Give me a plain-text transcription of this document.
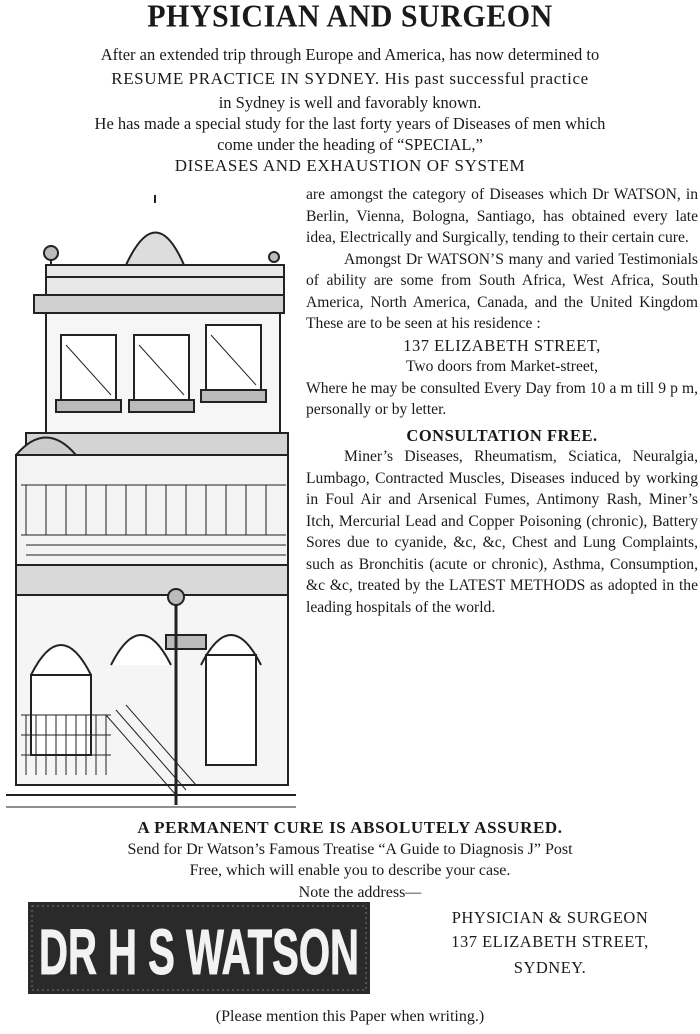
PHYSICIAN AND SURGEON
After an extended trip through Europe and America, has now determined to
RESUME PRACTICE IN SYDNEY. His past successful practice
in Sydney is well and favorably known.
He has made a special study for the last forty years of Diseases of men which
come under the heading of “SPECIAL,”
DISEASES AND EXHAUSTION OF SYSTEM

are amongst the category of Diseases which Dr WATSON, in Berlin, Vienna, Bologna, Santiago, has obtained every late idea, Electrically and Surgically, tending to their certain cure.

Amongst Dr WATSON’S many and varied Testimonials of ability are some from South Africa, West Africa, South America, North America, Canada, and the United Kingdom These are to be seen at his residence :

137 ELIZABETH STREET,

Two doors from Market-street,

Where he may be consulted Every Day from 10 a m till 9 p m, personally or by letter.

CONSULTATION FREE.

Miner’s Diseases, Rheumatism, Sciatica, Neuralgia, Lumbago, Contracted Muscles, Diseases induced by working in Foul Air and Arsenical Fumes, Antimony Rash, Miner’s Itch, Mercurial Lead and Copper Poisoning (chronic), Battery Sores due to cyanide, &c, &c, Chest and Lung Complaints, such as Bronchitis (acute or chronic), Asthma, Consumption, &c &c, treated by the LATEST METHODS as adopted in the leading hospitals of the world.

A PERMANENT CURE IS ABSOLUTELY ASSURED.
Send for Dr Watson’s Famous Treatise “A Guide to Diagnosis J” Post
Free, which will enable you to describe your case.
Note the address—
DR H S WATSON	PHYSICIAN & SURGEON
137 ELIZABETH STREET,
SYDNEY.
(Please mention this Paper when writing.)
